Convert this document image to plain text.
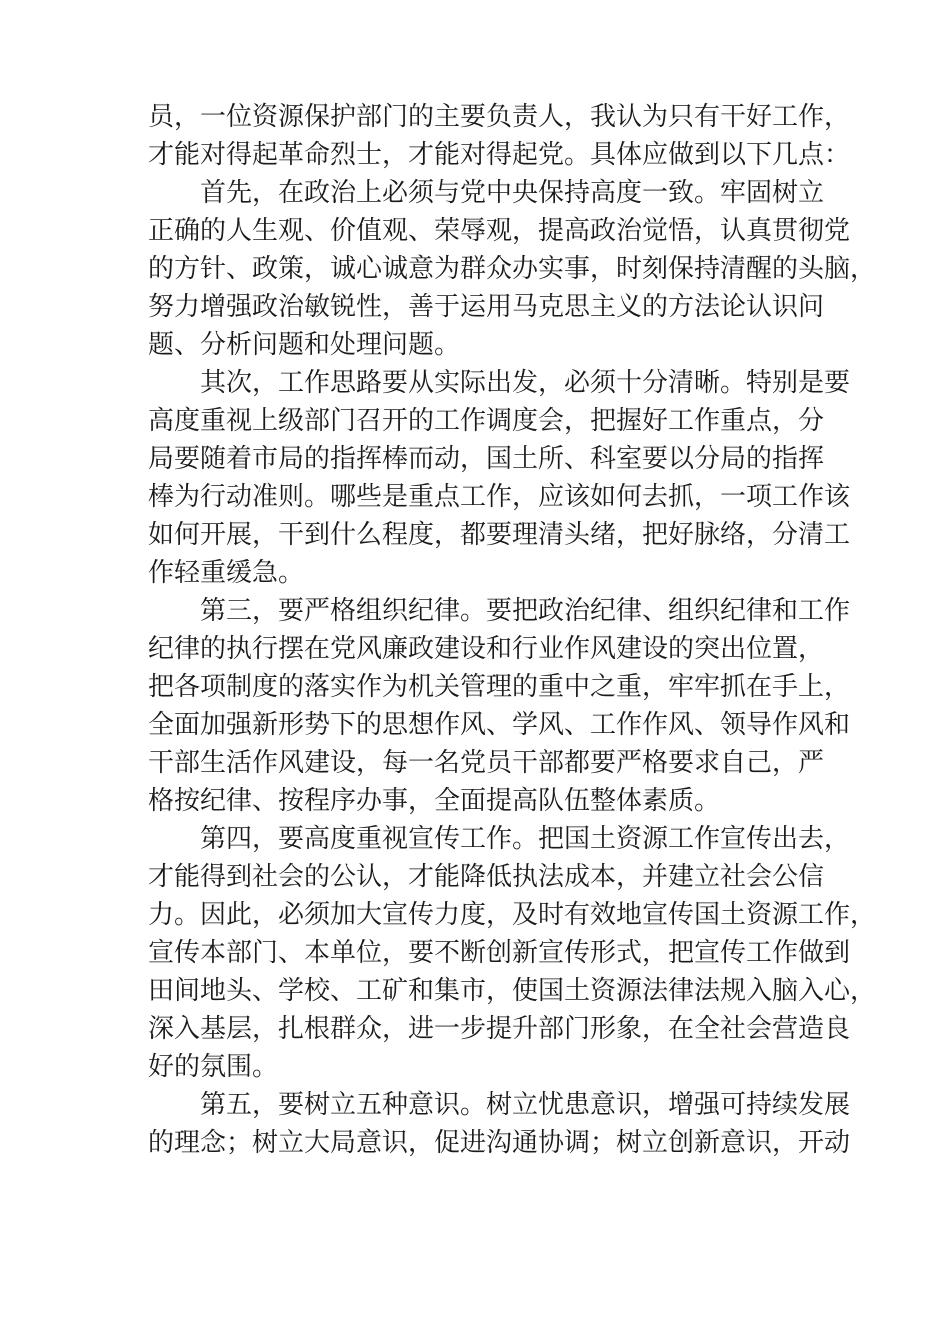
员，一位资源保护部门的主要负责人，我认为只有干好工作，
才能对得起革命烈士，才能对得起党。具体应做到以下几点：
首先，在政治上必须与党中央保持高度一致。牢固树立
正确的人生观、价值观、荣辱观，提高政治觉悟，认真贯彻党
的方针、政策，诚心诚意为群众办实事，时刻保持清醒的头脑，
努力增强政治敏锐性，善于运用马克思主义的方法论认识问
题、分析问题和处理问题。
其次，工作思路要从实际出发，必须十分清晰。特别是要
高度重视上级部门召开的工作调度会，把握好工作重点，分
局要随着市局的指挥棒而动，国土所、科室要以分局的指挥
棒为行动准则。哪些是重点工作，应该如何去抓，一项工作该
如何开展，干到什么程度，都要理清头绪，把好脉络，分清工
作轻重缓急。
第三，要严格组织纪律。要把政治纪律、组织纪律和工作
纪律的执行摆在党风廉政建设和行业作风建设的突出位置，
把各项制度的落实作为机关管理的重中之重，牢牢抓在手上，
全面加强新形势下的思想作风、学风、工作作风、领导作风和
干部生活作风建设，每一名党员干部都要严格要求自己，严
格按纪律、按程序办事，全面提高队伍整体素质。
第四，要高度重视宣传工作。把国土资源工作宣传出去，
才能得到社会的公认，才能降低执法成本，并建立社会公信
力。因此，必须加大宣传力度，及时有效地宣传国土资源工作，
宣传本部门、本单位，要不断创新宣传形式，把宣传工作做到
田间地头、学校、工矿和集市，使国土资源法律法规入脑入心，
深入基层，扎根群众，进一步提升部门形象，在全社会营造良
好的氛围。
第五，要树立五种意识。树立忧患意识，增强可持续发展
的理念；树立大局意识，促进沟通协调；树立创新意识，开动
